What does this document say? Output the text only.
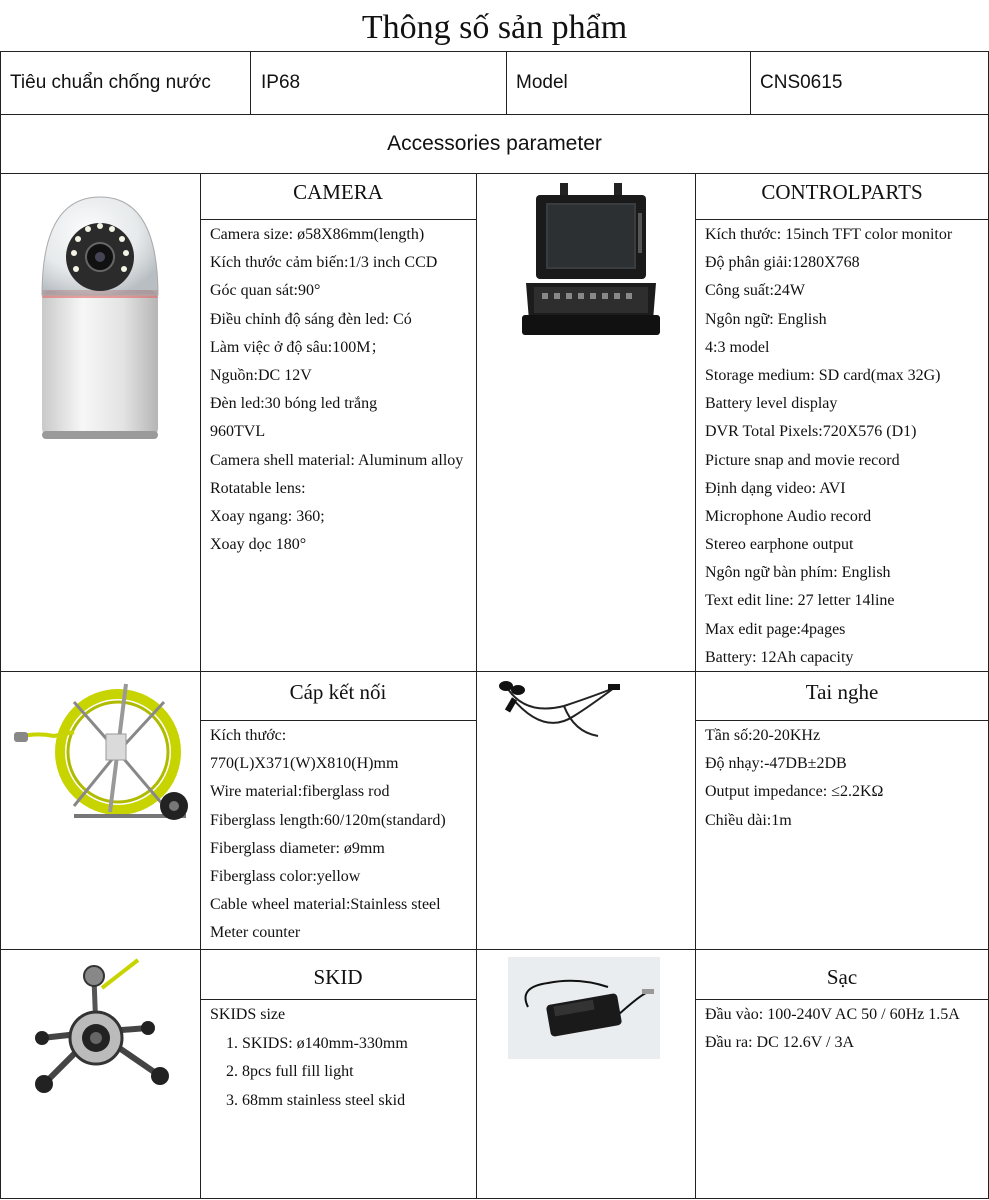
Thông số sản phẩm
Tiêu chuẩn chống nước	IP68	Model	CNS0615
Accessories parameter
CAMERA
Camera size: ø58X86mm(length)
Kích thước cảm biến:1/3 inch CCD
Góc quan sát:90°
Điều chỉnh độ sáng đèn led: Có
Làm việc ở độ sâu:100M；
Nguồn:DC 12V
Đèn led:30 bóng led trắng
960TVL
Camera shell material: Aluminum alloy
Rotatable lens:
Xoay ngang: 360;
Xoay dọc 180°
CONTROLPARTS
Kích thước: 15inch TFT color monitor
Độ phân giải:1280X768
Công suất:24W
Ngôn ngữ: English
4:3 model
Storage medium: SD card(max 32G)
Battery level display
DVR Total Pixels:720X576 (D1)
Picture snap and movie record
Định dạng video: AVI
Microphone Audio record
Stereo earphone output
Ngôn ngữ bàn phím: English
Text edit line: 27 letter 14line
Max edit page:4pages
Battery: 12Ah capacity
Cáp kết nối
Kích thước:
770(L)X371(W)X810(H)mm
Wire material:fiberglass rod
Fiberglass length:60/120m(standard)
Fiberglass diameter: ø9mm
Fiberglass color:yellow
Cable wheel material:Stainless steel
Meter counter
Tai nghe
Tần số:20-20KHz
Độ nhạy:-47DB±2DB
Output impedance: ≤2.2KΩ
Chiều dài:1m
SKID
SKIDS size
1. SKIDS: ø140mm-330mm
2. 8pcs full fill light
3. 68mm stainless steel skid
Sạc
Đầu vào: 100-240V AC 50 / 60Hz 1.5A
Đầu ra: DC 12.6V / 3A
